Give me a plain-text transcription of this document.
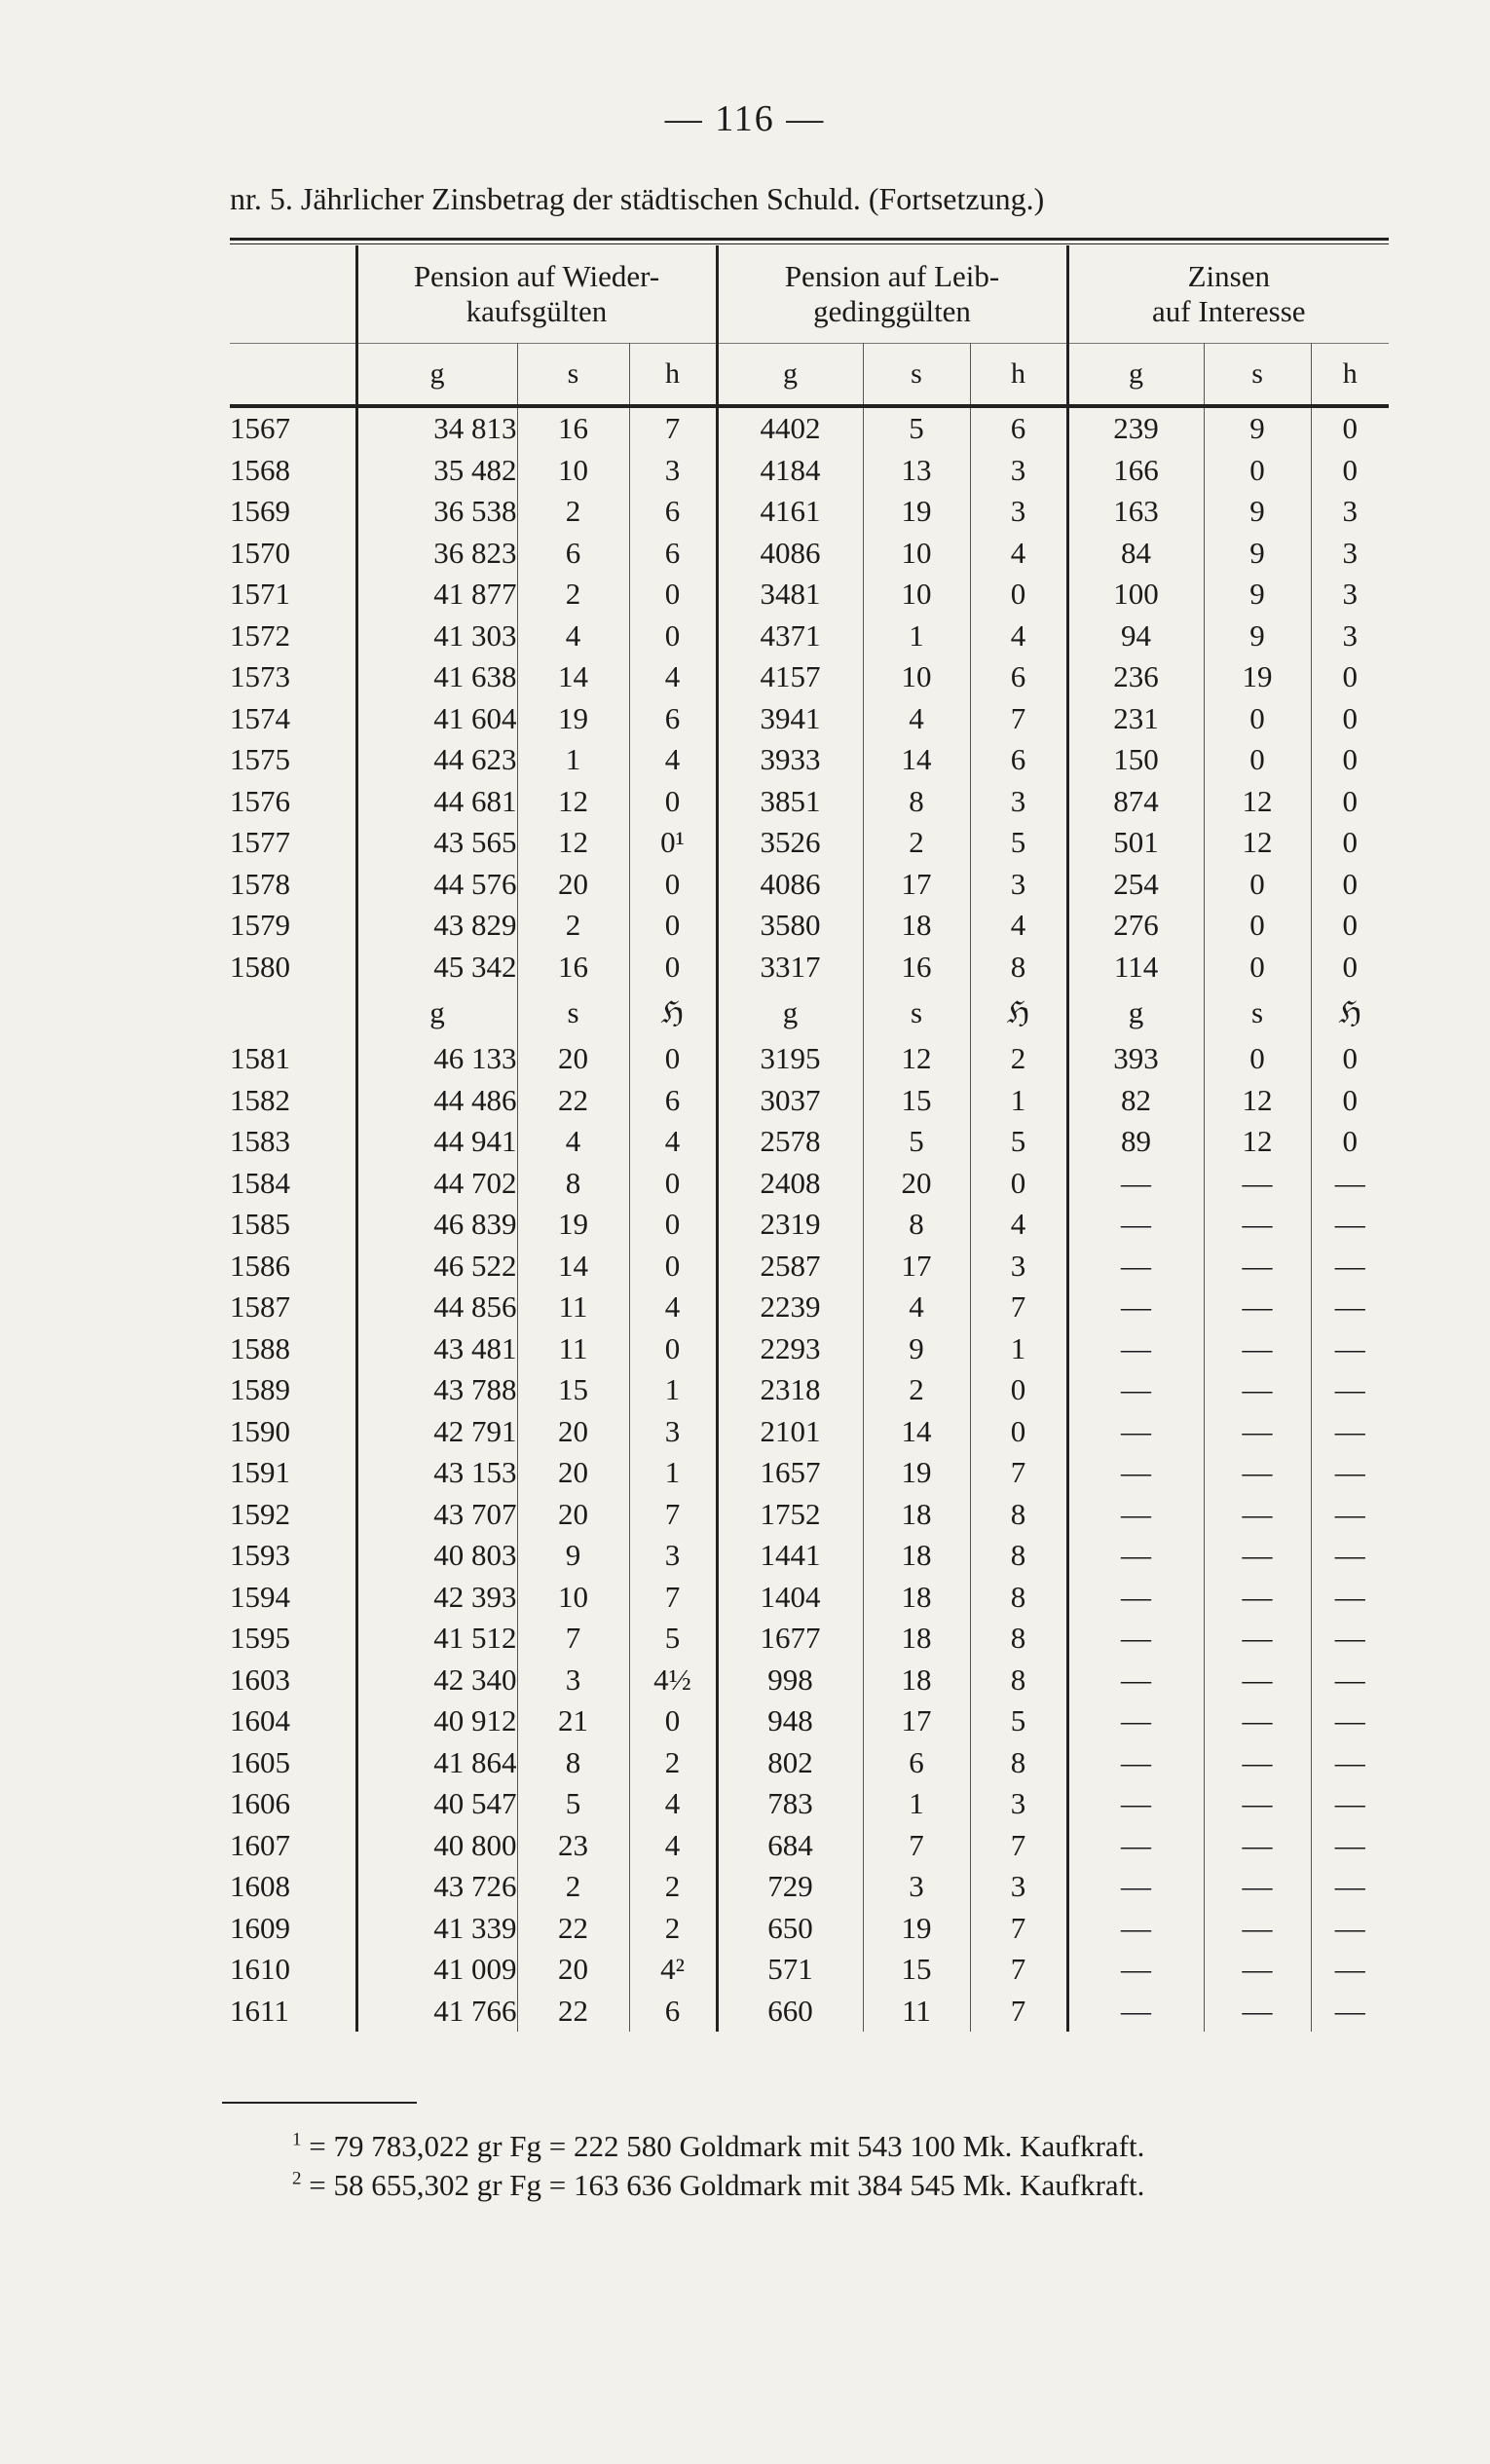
— 116 —
nr. 5. Jährlicher Zinsbetrag der städtischen Schuld. (Fortsetzung.)
	Pension auf Wieder-
kaufsgülten			Pension auf Leib-
gedinggülten			Zinsen
auf Interesse		
	g	s	h	g	s	h	g	s	h
1567	34 813	16	7	4402	5	6	239	9	0
1568	35 482	10	3	4184	13	3	166	0	0
1569	36 538	2	6	4161	19	3	163	9	3
1570	36 823	6	6	4086	10	4	84	9	3
1571	41 877	2	0	3481	10	0	100	9	3
1572	41 303	4	0	4371	1	4	94	9	3
1573	41 638	14	4	4157	10	6	236	19	0
1574	41 604	19	6	3941	4	7	231	0	0
1575	44 623	1	4	3933	14	6	150	0	0
1576	44 681	12	0	3851	8	3	874	12	0
1577	43 565	12	0¹	3526	2	5	501	12	0
1578	44 576	20	0	4086	17	3	254	0	0
1579	43 829	2	0	3580	18	4	276	0	0
1580	45 342	16	0	3317	16	8	114	0	0
	g	s	ℌ	g	s	ℌ	g	s	ℌ
1581	46 133	20	0	3195	12	2	393	0	0
1582	44 486	22	6	3037	15	1	82	12	0
1583	44 941	4	4	2578	5	5	89	12	0
1584	44 702	8	0	2408	20	0	—	—	—
1585	46 839	19	0	2319	8	4	—	—	—
1586	46 522	14	0	2587	17	3	—	—	—
1587	44 856	11	4	2239	4	7	—	—	—
1588	43 481	11	0	2293	9	1	—	—	—
1589	43 788	15	1	2318	2	0	—	—	—
1590	42 791	20	3	2101	14	0	—	—	—
1591	43 153	20	1	1657	19	7	—	—	—
1592	43 707	20	7	1752	18	8	—	—	—
1593	40 803	9	3	1441	18	8	—	—	—
1594	42 393	10	7	1404	18	8	—	—	—
1595	41 512	7	5	1677	18	8	—	—	—
1603	42 340	3	4½	998	18	8	—	—	—
1604	40 912	21	0	948	17	5	—	—	—
1605	41 864	8	2	802	6	8	—	—	—
1606	40 547	5	4	783	1	3	—	—	—
1607	40 800	23	4	684	7	7	—	—	—
1608	43 726	2	2	729	3	3	—	—	—
1609	41 339	22	2	650	19	7	—	—	—
1610	41 009	20	4²	571	15	7	—	—	—
1611	41 766	22	6	660	11	7	—	—	—
$^1$ = 79 783,022 gr Fg = 222 580 Goldmark mit 543 100 Mk. Kaufkraft.
$^2$ = 58 655,302 gr Fg = 163 636 Goldmark mit 384 545 Mk. Kaufkraft.
